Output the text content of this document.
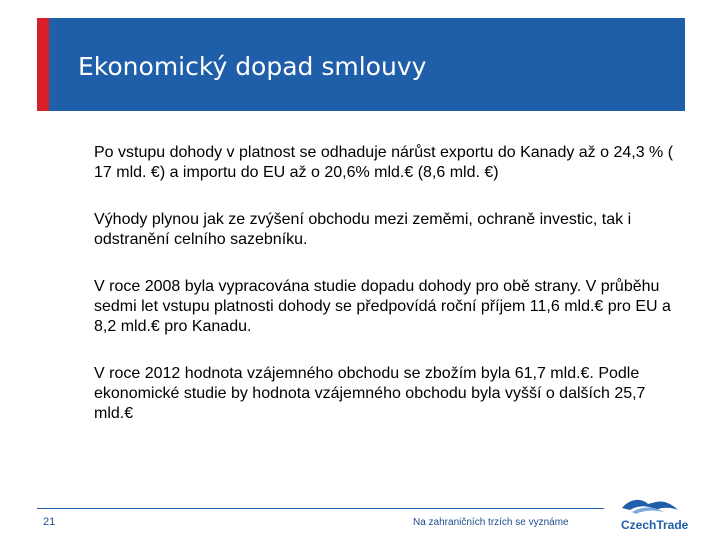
Ekonomický dopad smlouvy

Po vstupu dohody v platnost se odhaduje nárůst exportu do Kanady až o 24,3 % ( 17 mld. €) a importu do EU až o 20,6% mld.€ (8,6 mld. €)

Výhody plynou jak ze zvýšení obchodu mezi zeměmi, ochraně investic, tak i odstranění celního sazebníku.

V roce 2008 byla vypracována studie dopadu dohody pro obě strany. V průběhu sedmi let vstupu platnosti dohody se předpovídá roční příjem 11,6 mld.€ pro EU a 8,2 mld.€ pro Kanadu.

V roce 2012 hodnota vzájemného obchodu se zbožím byla 61,7 mld.€. Podle ekonomické studie by hodnota vzájemného obchodu byla vyšší o dalších 25,7 mld.€

21	Na zahraničních trzích se vyznáme	CzechTrade
